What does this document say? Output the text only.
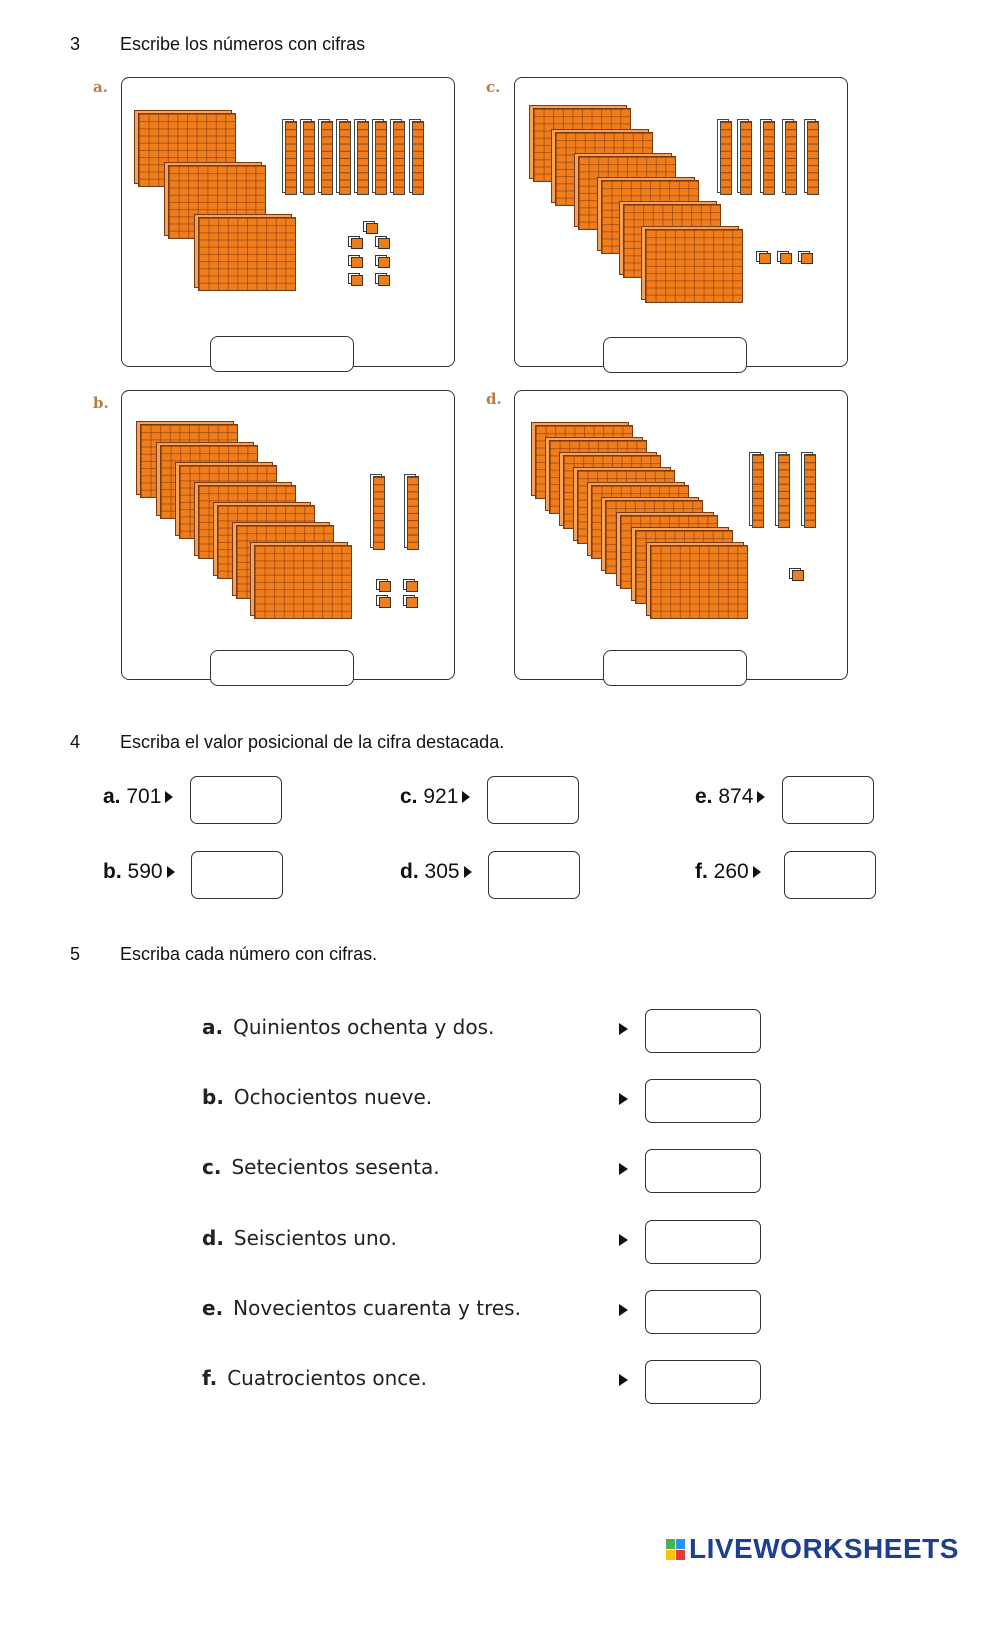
3 Escribe los números con cifras
a.	c.
b.	d.
4 Escriba el valor posicional de la cifra destacada.
a. 701	c. 921	e. 874
b. 590	d. 305	f. 260
5 Escriba cada número con cifras.
a. Quinientos ochenta y dos.
b. Ochocientos nueve.
c. Setecientos sesenta.
d. Seiscientos uno.
e. Novecientos cuarenta y tres.
f. Cuatrocientos once.
LIVEWORKSHEETS
